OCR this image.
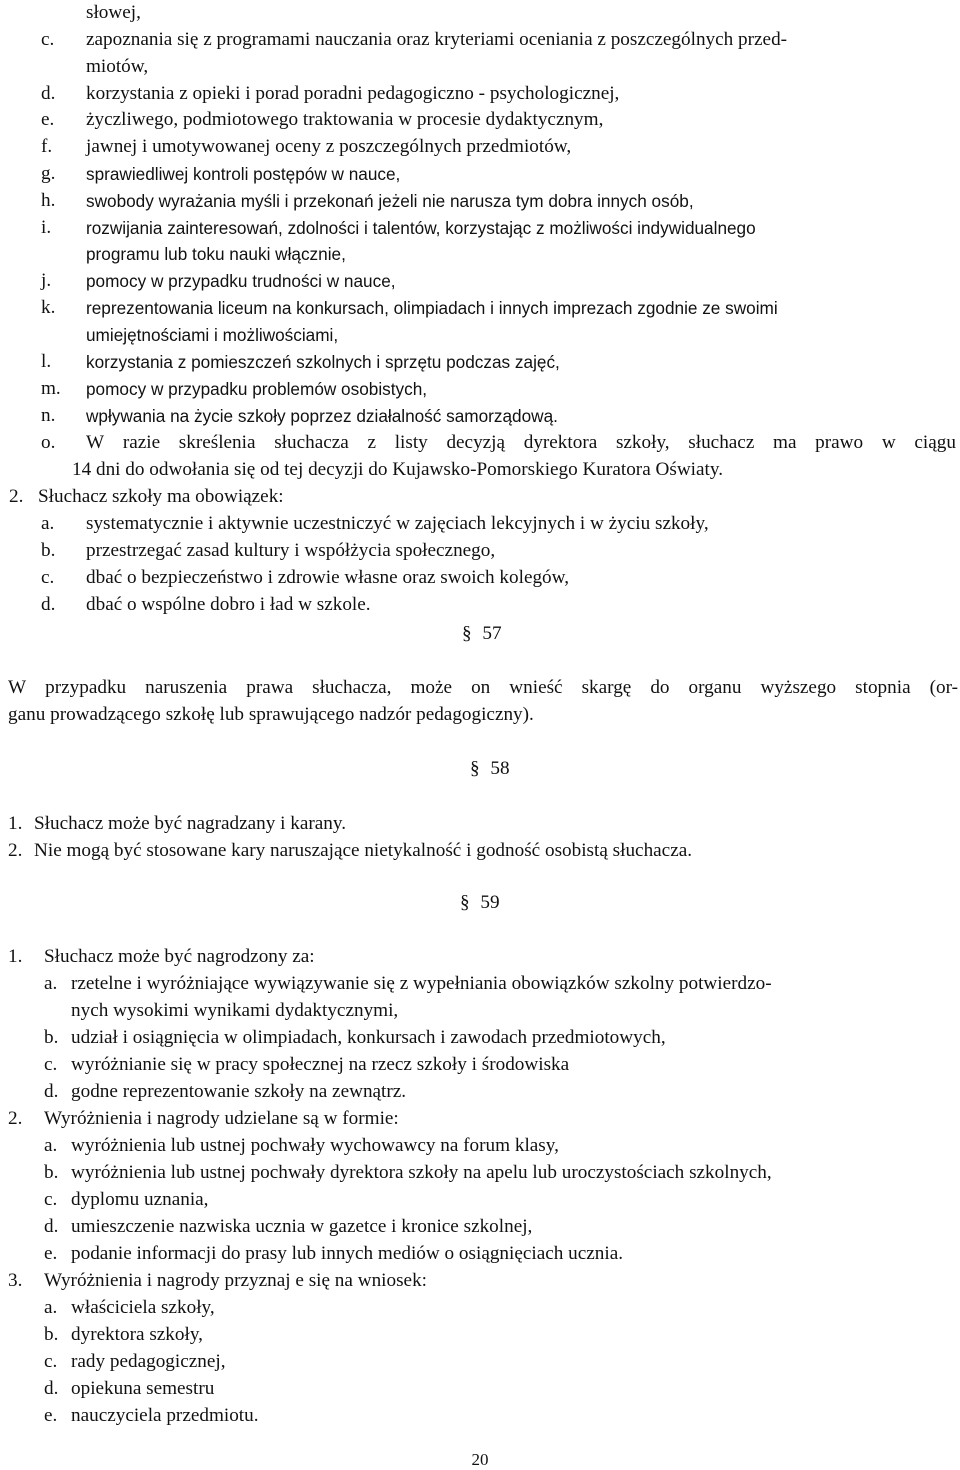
słowej,
c. zapoznania się z programami nauczania oraz kryteriami oceniania z poszczególnych przed-
miotów,
d. korzystania z opieki i porad poradni pedagogiczno - psychologicznej,
e. życzliwego, podmiotowego traktowania w procesie dydaktycznym,
f. jawnej i umotywowanej oceny z poszczególnych przedmiotów,
g. sprawiedliwej kontroli postępów w nauce,
h. swobody wyrażania myśli i przekonań jeżeli nie narusza tym dobra innych osób,
i. rozwijania zainteresowań, zdolności i talentów, korzystając z możliwości indywidualnego
programu lub toku nauki włącznie,
j. pomocy w przypadku trudności w nauce,
k. reprezentowania liceum na konkursach, olimpiadach i innych imprezach zgodnie ze swoimi
umiejętnościami i możliwościami,
l. korzystania z pomieszczeń szkolnych i sprzętu podczas zajęć,
m. pomocy w przypadku problemów osobistych,
n. wpływania na życie szkoły poprzez działalność samorządową.
o. W razie skreślenia słuchacza z listy decyzją dyrektora szkoły, słuchacz ma prawo w ciągu
14 dni do odwołania się od tej decyzji do Kujawsko-Pomorskiego Kuratora Oświaty.
2. Słuchacz szkoły ma obowiązek:
a. systematycznie i aktywnie uczestniczyć w zajęciach lekcyjnych i w życiu szkoły,
b. przestrzegać zasad kultury i współżycia społecznego,
c. dbać o bezpieczeństwo i zdrowie własne oraz swoich kolegów,
d. dbać o wspólne dobro i ład w szkole.
§ 57
W przypadku naruszenia prawa słuchacza, może on wnieść skargę do organu wyższego stopnia (or-
ganu prowadzącego szkołę lub sprawującego nadzór pedagogiczny).
§ 58
1. Słuchacz może być nagradzany i karany.
2. Nie mogą być stosowane kary naruszające nietykalność i godność osobistą słuchacza.
§ 59
1. Słuchacz może być nagrodzony za:
a. rzetelne i wyróżniające wywiązywanie się z wypełniania obowiązków szkolny potwierdzo-
nych wysokimi wynikami dydaktycznymi,
b. udział i osiągnięcia w olimpiadach, konkursach i zawodach przedmiotowych,
c. wyróżnianie się w pracy społecznej na rzecz szkoły i środowiska
d. godne reprezentowanie szkoły na zewnątrz.
2. Wyróżnienia i nagrody udzielane są w formie:
a. wyróżnienia lub ustnej pochwały wychowawcy na forum klasy,
b. wyróżnienia lub ustnej pochwały dyrektora szkoły na apelu lub uroczystościach szkolnych,
c. dyplomu uznania,
d. umieszczenie nazwiska ucznia w gazetce i kronice szkolnej,
e. podanie informacji do prasy lub innych mediów o osiągnięciach ucznia.
3. Wyróżnienia i nagrody przyznaj e się na wniosek:
a. właściciela szkoły,
b. dyrektora szkoły,
c. rady pedagogicznej,
d. opiekuna semestru
e. nauczyciela przedmiotu.
20
